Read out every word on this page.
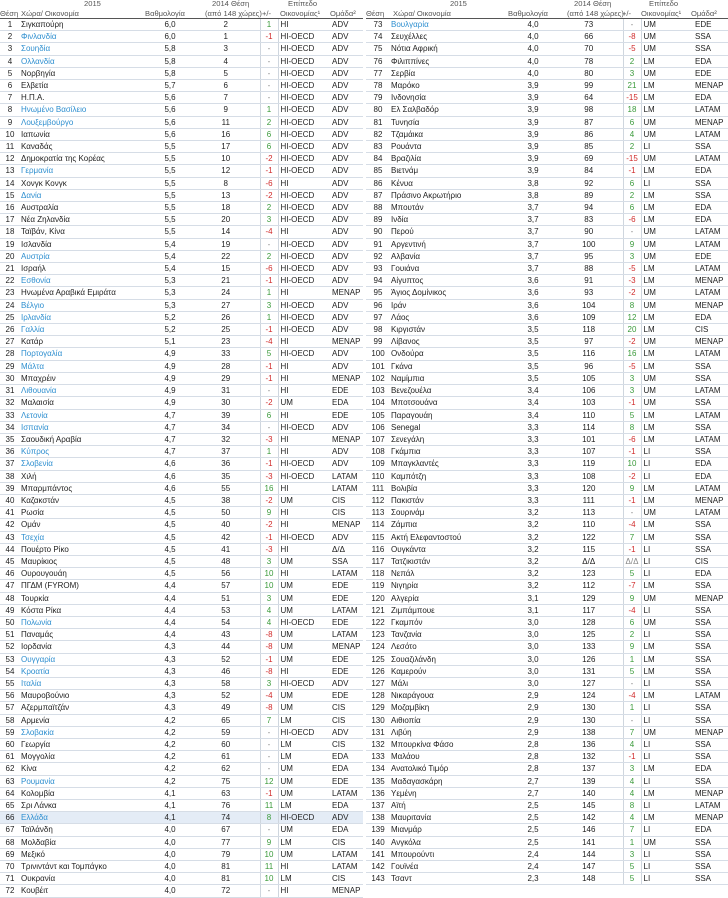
2015
Θέση Χώρα/ Οικονομία	Βαθμολογία
2014 Θέση
(από 148 χώρες) +/-
Επίπεδο
Οικονομίας¹ Ομάδα²
1	Σιγκαπούρη	6,0	2	1	HI	ADV
2	Φινλανδία	6,0	1	-1	HI-OECD	ADV
3	Σουηδία	5,8	3	-	HI-OECD	ADV
4	Ολλανδία	5,8	4	-	HI-OECD	ADV
5	Νορβηγία	5,8	5	-	HI-OECD	ADV
6	Ελβετία	5,7	6	-	HI-OECD	ADV
7	Η.Π.Α.	5,6	7	-	HI-OECD	ADV
8	Ηνωμένο Βασίλειο	5,6	9	1	HI-OECD	ADV
9	Λουξεμβούργο	5,6	11	2	HI-OECD	ADV
10	Ιαπωνία	5,6	16	6	HI-OECD	ADV
11	Καναδάς	5,5	17	6	HI-OECD	ADV
12	Δημοκρατία της Κορέας	5,5	10	-2	HI-OECD	ADV
13	Γερμανία	5,5	12	-1	HI-OECD	ADV
14	Χονγκ Κονγκ	5,5	8	-6	HI	ADV
15	Δανία	5,5	13	-2	HI-OECD	ADV
16	Αυστραλία	5,5	18	2	HI-OECD	ADV
17	Νέα Ζηλανδία	5,5	20	3	HI-OECD	ADV
18	Ταϊβάν, Κίνα	5,5	14	-4	HI	ADV
19	Ισλανδία	5,4	19	-	HI-OECD	ADV
20	Αυστρία	5,4	22	2	HI-OECD	ADV
21	Ισραήλ	5,4	15	-6	HI-OECD	ADV
22	Εσθονία	5,3	21	-1	HI-OECD	ADV
23	Ηνωμένα Αραβικά Εμιράτα	5,3	24	1	HI	MENAP
24	Βέλγιο	5,3	27	3	HI-OECD	ADV
25	Ιρλανδία	5,2	26	1	HI-OECD	ADV
26	Γαλλία	5,2	25	-1	HI-OECD	ADV
27	Κατάρ	5,1	23	-4	HI	MENAP
28	Πορτογαλία	4,9	33	5	HI-OECD	ADV
29	Μάλτα	4,9	28	-1	HI	ADV
30	Μπαχρέιν	4,9	29	-1	HI	MENAP
31	Λιθουανία	4,9	31	-	HI	EDE
32	Μαλαισία	4,9	30	-2	UM	EDA
33	Λετονία	4,7	39	6	HI	EDE
34	Ισπανία	4,7	34	-	HI-OECD	ADV
35	Σαουδική Αραβία	4,7	32	-3	HI	MENAP
36	Κύπρος	4,7	37	1	HI	ADV
37	Σλοβενία	4,6	36	-1	HI-OECD	ADV
38	Χιλή	4,6	35	-3	HI-OECD	LATAM
39	Μπαρμπάντος	4,6	55	16	HI	LATAM
40	Καζακστάν	4,5	38	-2	UM	CIS
41	Ρωσία	4,5	50	9	HI	CIS
42	Ομάν	4,5	40	-2	HI	MENAP
43	Τσεχία	4,5	42	-1	HI-OECD	ADV
44	Πουέρτο Ρίκο	4,5	41	-3	HI	Δ/Δ
45	Μαυρίκιος	4,5	48	3	UM	SSA
46	Ουρουγουάη	4,5	56	10	HI	LATAM
47	ΠΓΔΜ (FYROM)	4,4	57	10	UM	EDE
48	Τουρκία	4,4	51	3	UM	EDE
49	Κόστα Ρίκα	4,4	53	4	UM	LATAM
50	Πολωνία	4,4	54	4	HI-OECD	EDE
51	Παναμάς	4,4	43	-8	UM	LATAM
52	Ιορδανία	4,3	44	-8	UM	MENAP
53	Ουγγαρία	4,3	52	-1	UM	EDE
54	Κροατία	4,3	46	-8	HI	EDE
55	Ιταλία	4,3	58	3	HI-OECD	ADV
56	Μαυροβούνιο	4,3	52	-4	UM	EDE
57	Αζερμπαϊτζάν	4,3	49	-8	UM	CIS
58	Αρμενία	4,2	65	7	LM	CIS
59	Σλοβακία	4,2	59	-	HI-OECD	ADV
60	Γεωργία	4,2	60	-	LM	CIS
61	Μογγολία	4,2	61	-	LM	EDA
62	Κίνα	4,2	62	-	UM	EDA
63	Ρουμανία	4,2	75	12	UM	EDE
64	Κολομβία	4,1	63	-1	UM	LATAM
65	Σρι Λάνκα	4,1	76	11	LM	EDA
66	Ελλάδα	4,1	74	8	HI-OECD	ADV
67	Ταϊλάνδη	4,0	67	-	UM	EDA
68	Μολδαβία	4,0	77	9	LM	CIS
69	Μεξικό	4,0	79	10	UM	LATAM
70	Τρινιντάντ και Τομπάγκο	4,0	81	11	HI	LATAM
71	Ουκρανία	4,0	81	10	LM	CIS
72	Κουβέιτ	4,0	72	-	HI	MENAP
2015
Θέση Χώρα/ Οικονομία	Βαθμολογία
2014 Θέση
(από 148 χώρες)
+/-
Επίπεδο
Οικονομίας¹ Ομάδα²
73	Βουλγαρία	4,0	73	-	UM	EDE
74	Σευχέλλες	4,0	66	-8	UM	SSA
75	Νότια Αφρική	4,0	70	-5	UM	SSA
76	Φιλιππίνες	4,0	78	2	LM	EDA
77	Σερβία	4,0	80	3	UM	EDE
78	Μαρόκο	3,9	99	21	LM	MENAP
79	Ινδονησία	3,9	64	-15	LM	EDA
80	Ελ Σαλβαδόρ	3,9	98	18	LM	LATAM
81	Τυνησία	3,9	87	6	UM	MENAP
82	Τζαμάικα	3,9	86	4	UM	LATAM
83	Ρουάντα	3,9	85	2	LI	SSA
84	Βραζιλία	3,9	69	-15	UM	LATAM
85	Βιετνάμ	3,9	84	-1	LM	EDA
86	Κένυα	3,8	92	6	LI	SSA
87	Πράσινο Ακρωτήριο	3,8	89	2	LM	SSA
88	Μπουτάν	3,7	94	6	LM	EDA
89	Ινδία	3,7	83	-6	LM	EDA
90	Περού	3,7	90	-	UM	LATAM
91	Αργεντινή	3,7	100	9	UM	LATAM
92	Αλβανία	3,7	95	3	UM	EDE
93	Γουιάνα	3,7	88	-5	LM	LATAM
94	Αίγυπτος	3,6	91	-3	LM	MENAP
95	Άγιος Δομίνικος	3,6	93	-2	UM	LATAM
96	Ιράν	3,6	104	8	UM	MENAP
97	Λάος	3,6	109	12	LM	EDA
98	Κιργιστάν	3,5	118	20	LM	CIS
99	Λίβανος	3,5	97	-2	UM	MENAP
100	Ονδούρα	3,5	116	16	LM	LATAM
101	Γκάνα	3,5	96	-5	LM	SSA
102	Ναμίμπια	3,5	105	3	UM	SSA
103	Βενεζουέλα	3,4	106	3	UM	LATAM
104	Μποτσουάνα	3,4	103	-1	UM	SSA
105	Παραγουάη	3,4	110	5	LM	LATAM
106	Senegal	3,3	114	8	LM	SSA
107	Σενεγάλη	3,3	101	-6	LM	LATAM
108	Γκάμπια	3,3	107	-1	LI	SSA
109	Μπαγκλαντές	3,3	119	10	LI	EDA
110	Καμπότζη	3,3	108	-2	LI	EDA
111	Βολιβία	3,3	120	9	LM	LATAM
112	Πακιστάν	3,3	111	-1	LM	MENAP
113	Σουρινάμ	3,2	113	-	UM	LATAM
114	Ζάμπια	3,2	110	-4	LM	SSA
115	Ακτή Ελεφαντοστού	3,2	122	7	LM	SSA
116	Ουγκάντα	3,2	115	-1	LI	SSA
117	Τατζικιστάν	3,2	Δ/Δ	Δ/Δ	LI	CIS
118	Νεπάλ	3,2	123	5	LI	EDA
119	Νιγηρία	3,2	112	-7	LM	SSA
120	Αλγερία	3,1	129	9	UM	MENAP
121	Ζιμπάμπουε	3,1	117	-4	LI	SSA
122	Γκαμπόν	3,0	128	6	UM	SSA
123	Τανζανία	3,0	125	2	LI	SSA
124	Λεσότο	3,0	133	9	LM	SSA
125	Σουαζιλάνδη	3,0	126	1	LM	SSA
126	Καμερούν	3,0	131	5	LM	SSA
127	Μάλι	3,0	127	-	LI	SSA
128	Νικαράγουα	2,9	124	-4	LM	LATAM
129	Μοζαμβίκη	2,9	130	1	LI	SSA
130	Αιθιοπία	2,9	130	-	LI	SSA
131	Λιβύη	2,9	138	7	UM	MENAP
132	Μπουρκίνα Φάσο	2,8	136	4	LI	SSA
133	Μαλάου	2,8	132	-1	LI	SSA
134	Ανατολικό Τιμόρ	2,8	137	3	LM	EDA
135	Μαδαγασκάρη	2,7	139	4	LI	SSA
136	Υεμένη	2,7	140	4	LM	MENAP
137	Αϊτή	2,5	145	8	LI	LATAM
138	Μαυριτανία	2,5	142	4	LM	MENAP
139	Μιανμάρ	2,5	146	7	LI	EDA
140	Ανγκόλα	2,5	141	1	UM	SSA
141	Μπουρούντι	2,4	144	3	LI	SSA
142	Γουϊνέα	2,4	147	5	LI	SSA
143	Τσαντ	2,3	148	5	LI	SSA
